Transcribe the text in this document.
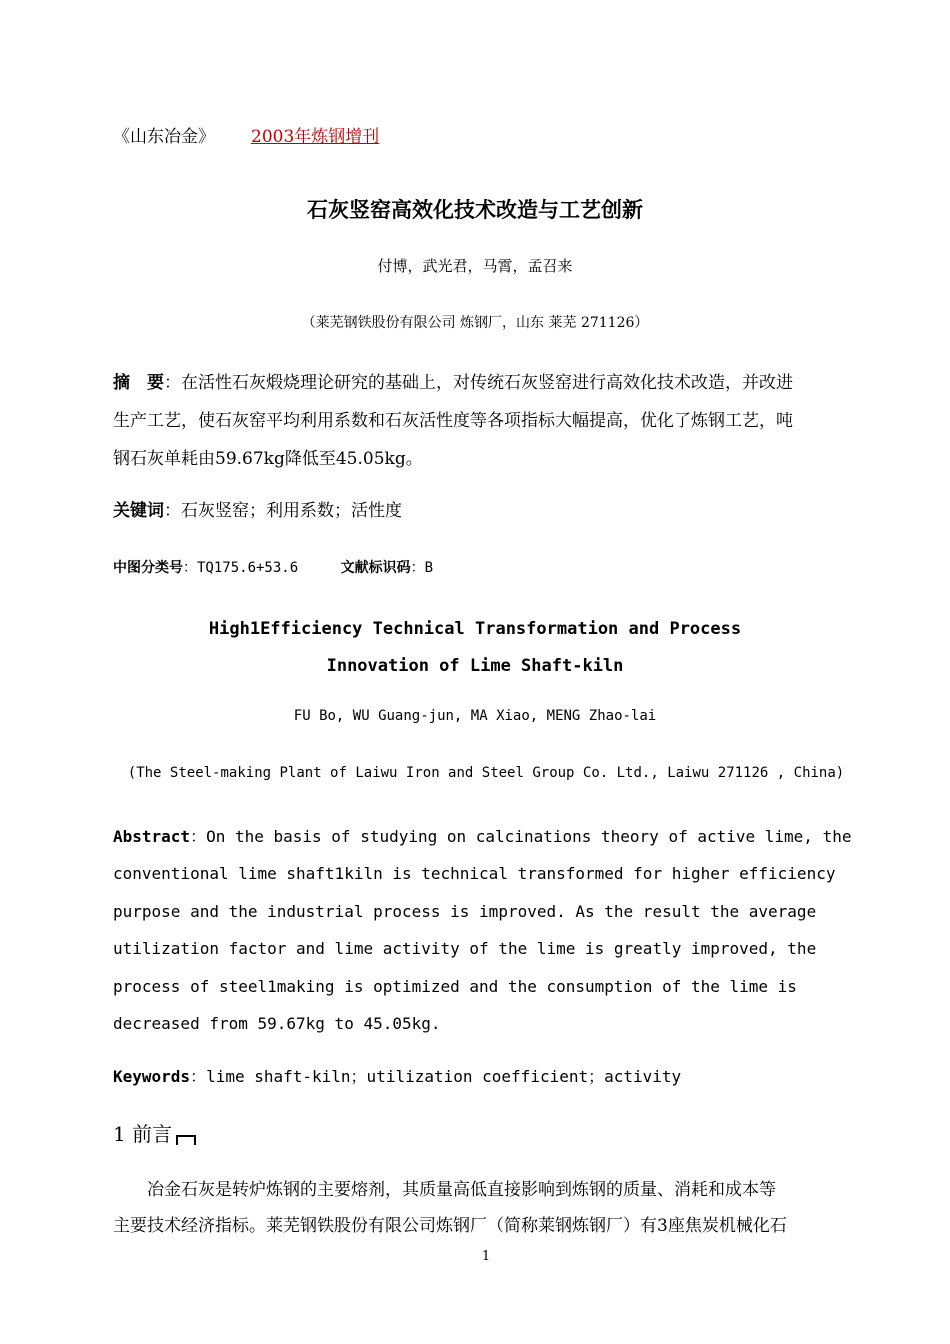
《山东冶金》 2003年炼钢增刊
石灰竖窑高效化技术改造与工艺创新
付博，武光君，马霄，孟召来
（莱芜钢铁股份有限公司 炼钢厂，山东 莱芜 271126）
摘　要：在活性石灰煅烧理论研究的基础上，对传统石灰竖窑进行高效化技术改造，并改进
生产工艺，使石灰窑平均利用系数和石灰活性度等各项指标大幅提高，优化了炼钢工艺，吨
钢石灰单耗由59.67kg降低至45.05kg。
关键词：石灰竖窑；利用系数；活性度
中图分类号：TQ175.6+53.6	文献标识码：B
High1Efficiency Technical Transformation and Process
Innovation of Lime Shaft-kiln
FU Bo, WU Guang-jun, MA Xiao, MENG Zhao-lai
(The Steel-making Plant of Laiwu Iron and Steel Group Co. Ltd., Laiwu 271126 , China)
Abstract：On the basis of studying on calcinations theory of active lime, the
conventional lime shaft1kiln is technical transformed for higher efficiency
purpose and the industrial process is improved. As the result the average
utilization factor and lime activity of the lime is greatly improved, the
process of steel1making is optimized and the consumption of the lime is
decreased from 59.67kg to 45.05kg.
Keywords：lime shaft-kiln；utilization coefficient；activity
1 前言
　　冶金石灰是转炉炼钢的主要熔剂，其质量高低直接影响到炼钢的质量、消耗和成本等
主要技术经济指标。莱芜钢铁股份有限公司炼钢厂（简称莱钢炼钢厂）有3座焦炭机械化石
1
